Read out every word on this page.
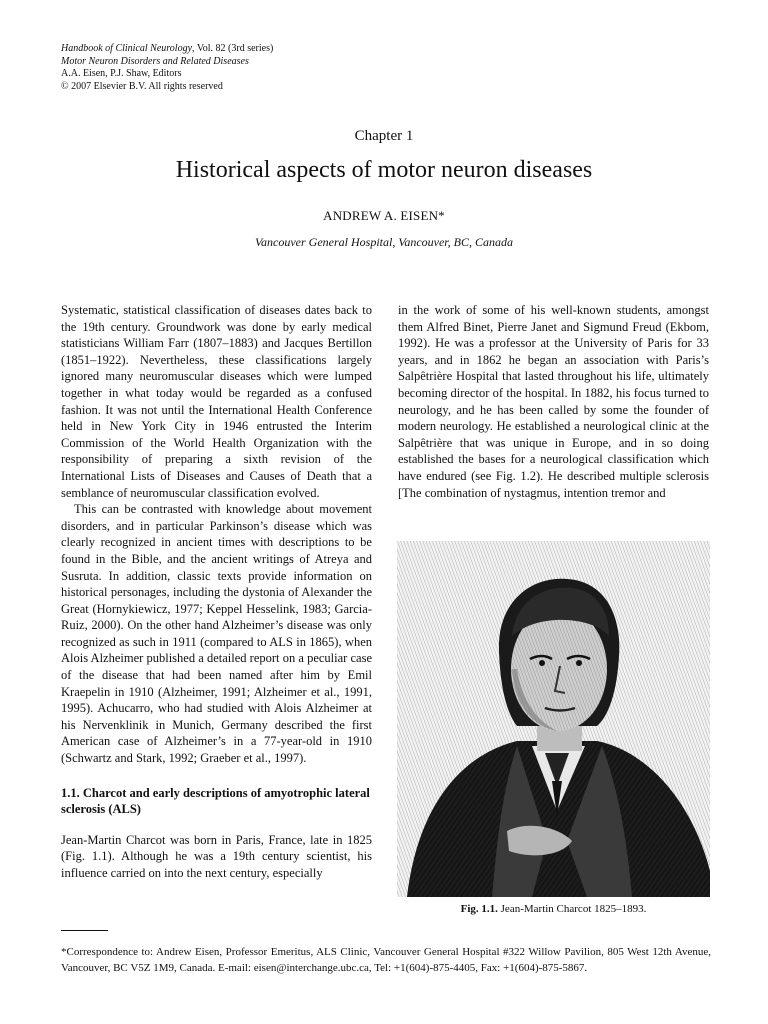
Handbook of Clinical Neurology, Vol. 82 (3rd series)
Motor Neuron Disorders and Related Diseases
A.A. Eisen, P.J. Shaw, Editors
© 2007 Elsevier B.V. All rights reserved
Chapter 1
Historical aspects of motor neuron diseases
ANDREW A. EISEN*
Vancouver General Hospital, Vancouver, BC, Canada

Systematic, statistical classification of diseases dates back to the 19th century. Groundwork was done by early medical statisticians William Farr (1807–1883) and Jacques Bertillon (1851–1922). Nevertheless, these classifications largely ignored many neuromuscular diseases which were lumped together in what today would be regarded as a confused fashion. It was not until the International Health Conference held in New York City in 1946 entrusted the Interim Commission of the World Health Organization with the responsibility of preparing a sixth revision of the International Lists of Diseases and Causes of Death that a semblance of neuromuscular classification evolved.

This can be contrasted with knowledge about movement disorders, and in particular Parkinson’s disease which was clearly recognized in ancient times with descriptions to be found in the Bible, and the ancient writings of Atreya and Susruta. In addition, classic texts provide information on historical personages, including the dystonia of Alexander the Great (Hornykiewicz, 1977; Keppel Hesselink, 1983; Garcia-Ruiz, 2000). On the other hand Alzheimer’s disease was only recognized as such in 1911 (compared to ALS in 1865), when Alois Alzheimer published a detailed report on a peculiar case of the disease that had been named after him by Emil Kraepelin in 1910 (Alzheimer, 1991; Alzheimer et al., 1991, 1995). Achucarro, who had studied with Alois Alzheimer at his Nervenklinik in Munich, Germany described the first American case of Alzheimer’s in a 77-year-old in 1910 (Schwartz and Stark, 1992; Graeber et al., 1997).

1.1. Charcot and early descriptions of amyotrophic lateral sclerosis (ALS)

Jean-Martin Charcot was born in Paris, France, late in 1825 (Fig. 1.1). Although he was a 19th century scientist, his influence carried on into the next century, especially

in the work of some of his well-known students, amongst them Alfred Binet, Pierre Janet and Sigmund Freud (Ekbom, 1992). He was a professor at the University of Paris for 33 years, and in 1862 he began an association with Paris’s Salpêtrière Hospital that lasted throughout his life, ultimately becoming director of the hospital. In 1882, his focus turned to neurology, and he has been called by some the founder of modern neurology. He established a neurological clinic at the Salpêtrière that was unique in Europe, and in so doing established the bases for a neurological classification which have endured (see Fig. 1.2). He described multiple sclerosis [The combination of nystagmus, intention tremor and

Fig. 1.1. Jean-Martin Charcot 1825–1893.
*Correspondence to: Andrew Eisen, Professor Emeritus, ALS Clinic, Vancouver General Hospital #322 Willow Pavilion, 805 West 12th Avenue, Vancouver, BC V5Z 1M9, Canada. E-mail: eisen@interchange.ubc.ca, Tel: +1(604)-875-4405, Fax: +1(604)-875-5867.
